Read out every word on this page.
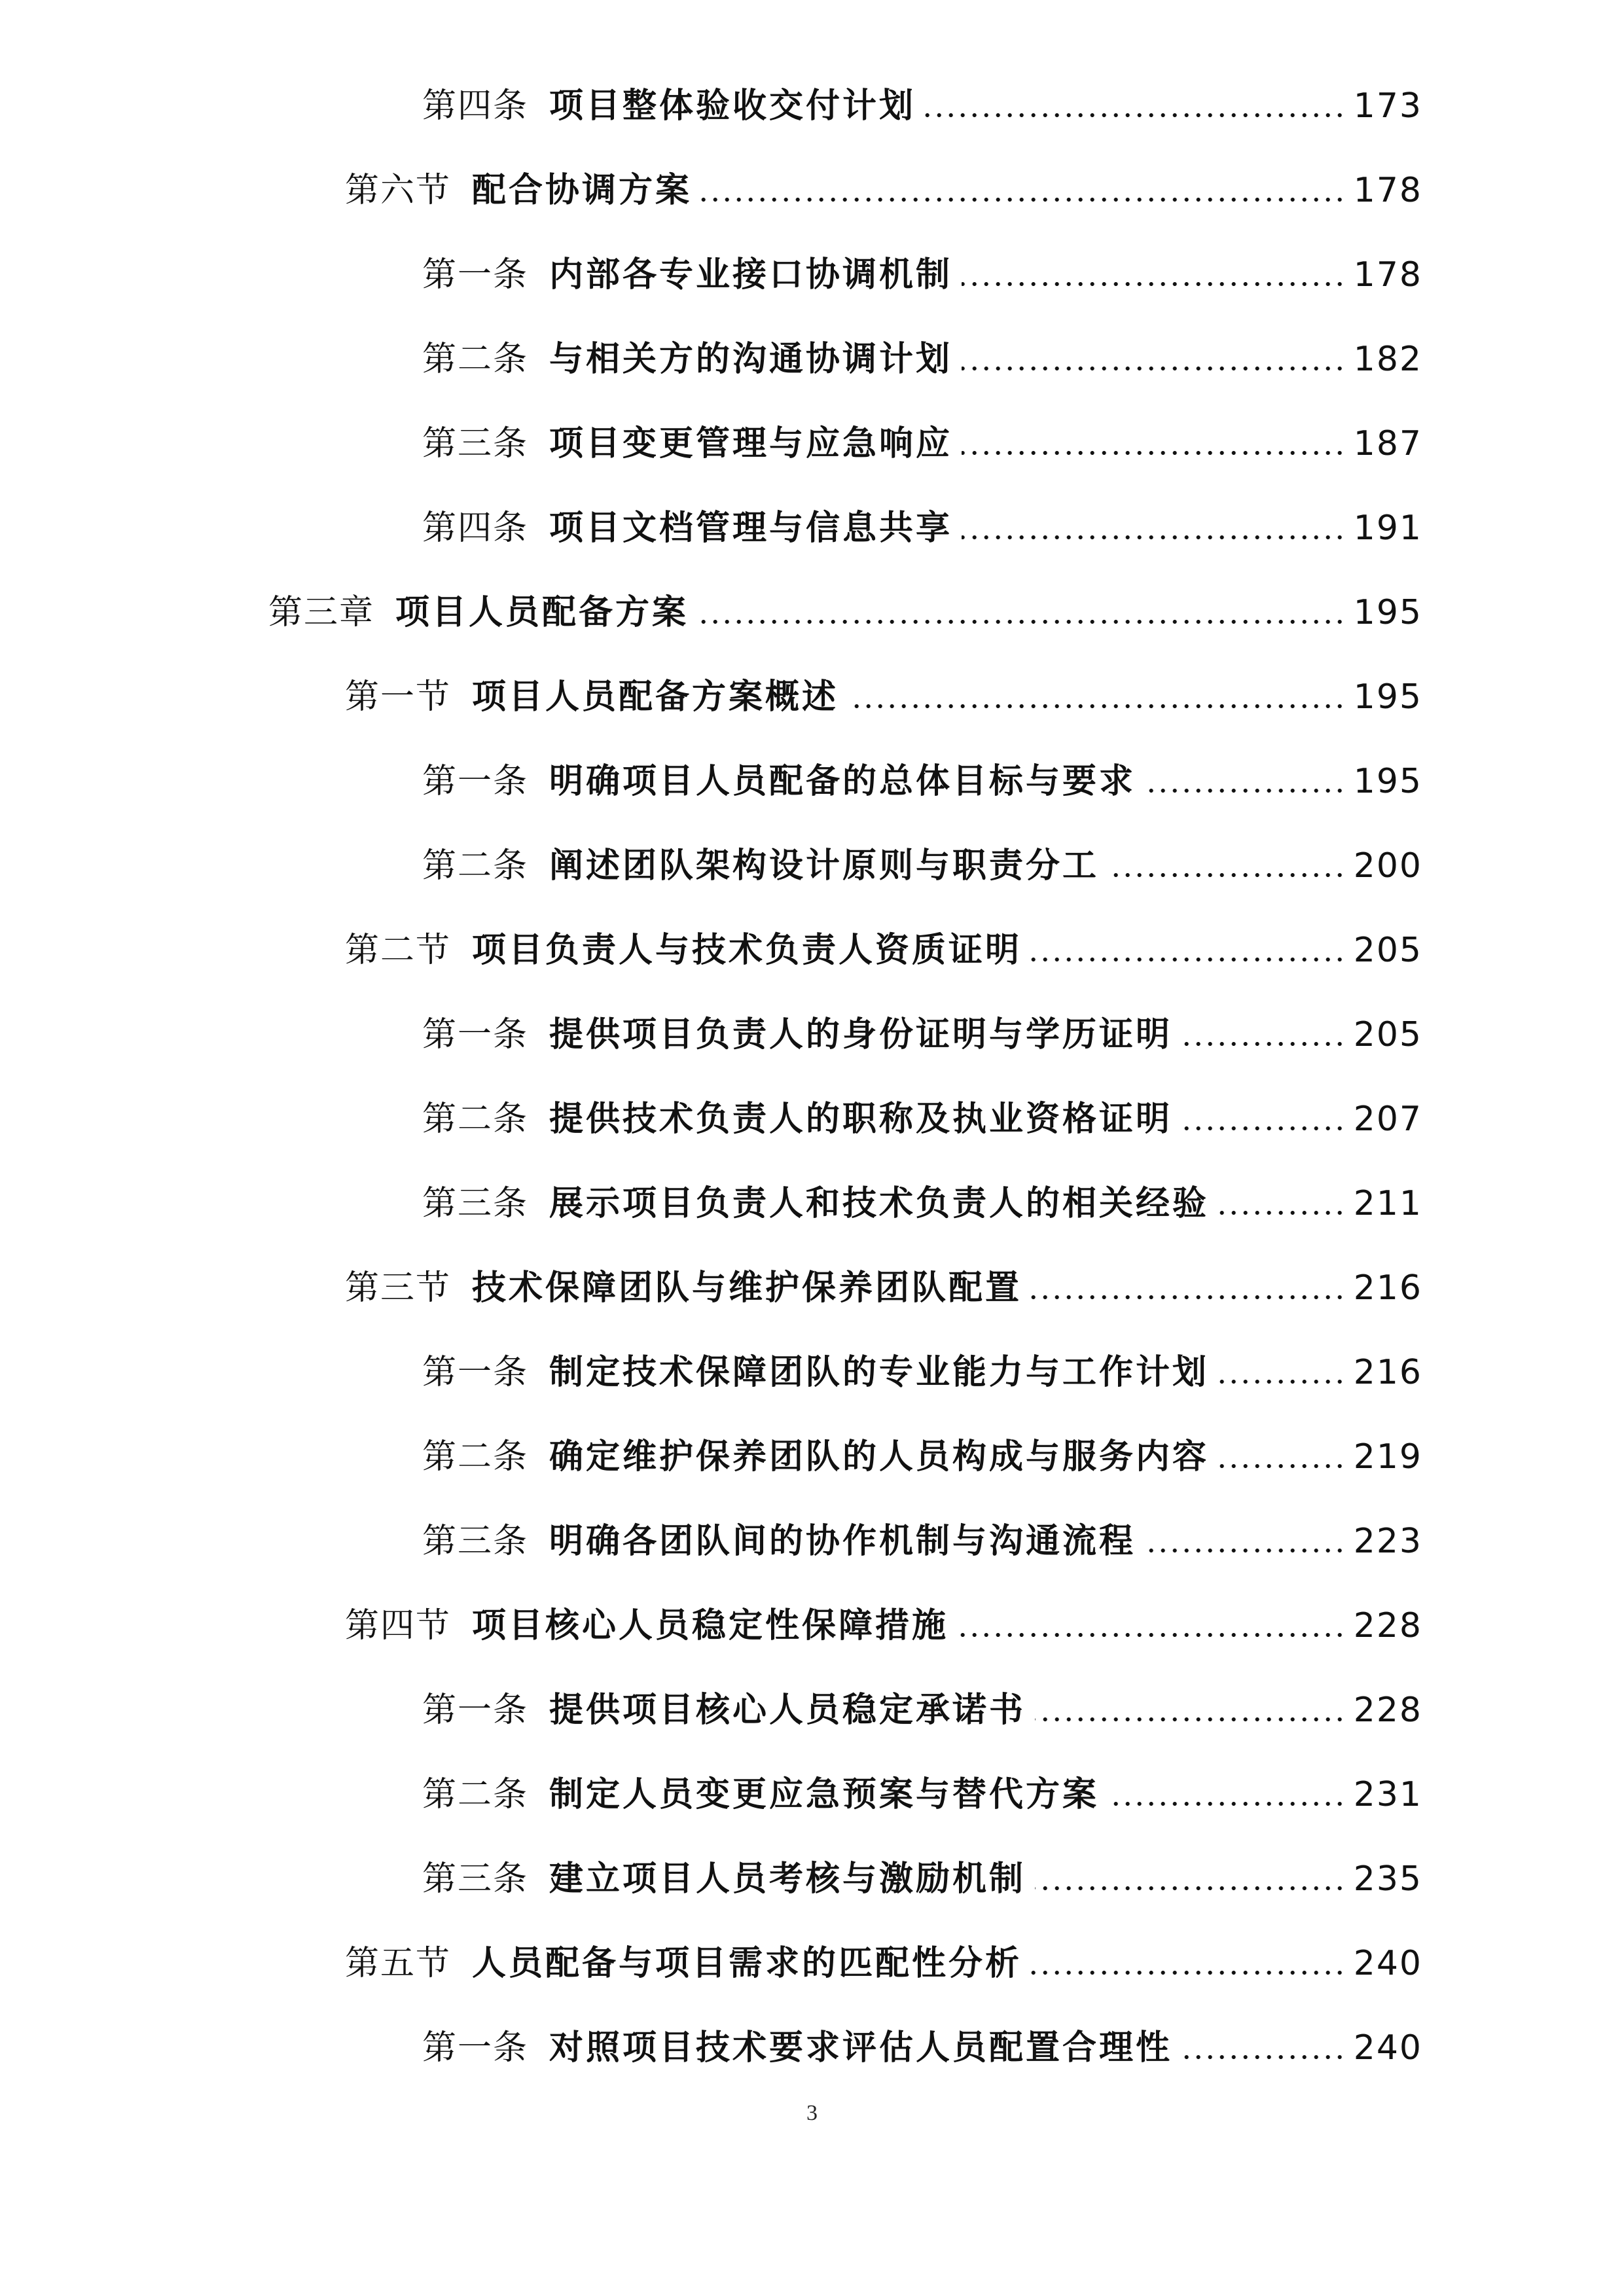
第四条 项目整体验收交付计划	173
第六节 配合协调方案	178
第一条 内部各专业接口协调机制	178
第二条 与相关方的沟通协调计划	182
第三条 项目变更管理与应急响应	187
第四条 项目文档管理与信息共享	191
第三章 项目人员配备方案	195
第一节 项目人员配备方案概述	195
第一条 明确项目人员配备的总体目标与要求	195
第二条 阐述团队架构设计原则与职责分工	200
第二节 项目负责人与技术负责人资质证明	205
第一条 提供项目负责人的身份证明与学历证明	205
第二条 提供技术负责人的职称及执业资格证明	207
第三条 展示项目负责人和技术负责人的相关经验	211
第三节 技术保障团队与维护保养团队配置	216
第一条 制定技术保障团队的专业能力与工作计划	216
第二条 确定维护保养团队的人员构成与服务内容	219
第三条 明确各团队间的协作机制与沟通流程	223
第四节 项目核心人员稳定性保障措施	228
第一条 提供项目核心人员稳定承诺书	228
第二条 制定人员变更应急预案与替代方案	231
第三条 建立项目人员考核与激励机制	235
第五节 人员配备与项目需求的匹配性分析	240
第一条 对照项目技术要求评估人员配置合理性	240
3
